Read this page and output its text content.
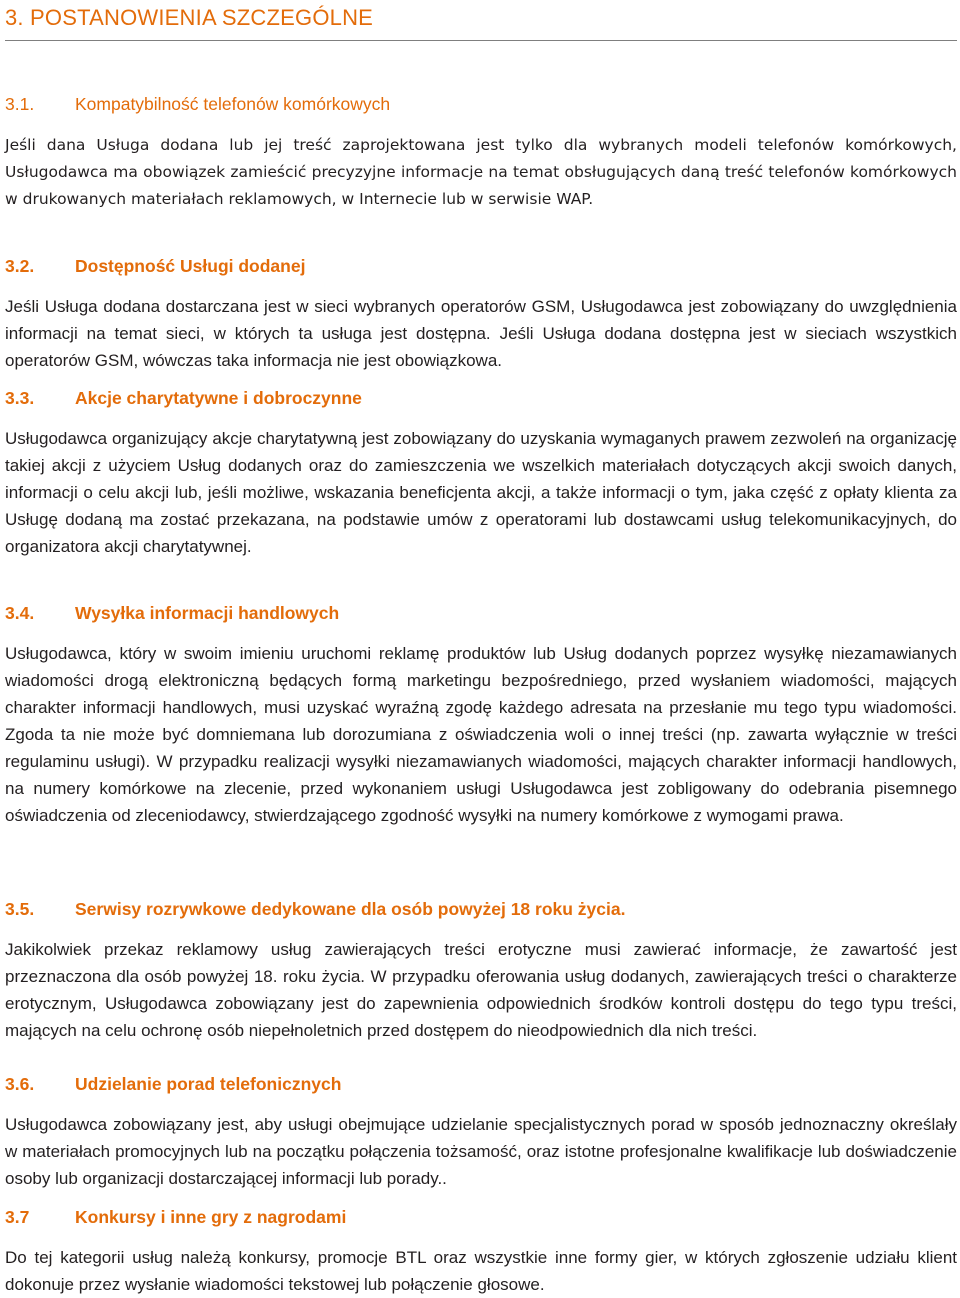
3. POSTANOWIENIA SZCZEGÓLNE
3.1. Kompatybilność telefonów komórkowych
Jeśli dana Usługa dodana lub jej treść zaprojektowana jest tylko dla wybranych modeli telefonów komórkowych, Usługodawca ma obowiązek zamieścić precyzyjne informacje na temat obsługujących daną treść telefonów komórkowych w drukowanych materiałach reklamowych, w Internecie lub w serwisie WAP.
3.2. Dostępność Usługi dodanej
Jeśli Usługa dodana dostarczana jest w sieci wybranych operatorów GSM, Usługodawca jest zobowiązany do uwzględnienia informacji na temat sieci, w których ta usługa jest dostępna. Jeśli Usługa dodana dostępna jest w sieciach wszystkich operatorów GSM, wówczas taka informacja nie jest obowiązkowa.
3.3. Akcje charytatywne i dobroczynne
Usługodawca organizujący akcje charytatywną jest zobowiązany do uzyskania wymaganych prawem zezwoleń na organizację takiej akcji z użyciem Usług dodanych oraz do zamieszczenia we wszelkich materiałach dotyczących akcji swoich danych, informacji o celu akcji lub, jeśli możliwe, wskazania beneficjenta akcji, a także informacji o tym, jaka część z opłaty klienta za Usługę dodaną ma zostać przekazana, na podstawie umów z operatorami lub dostawcami usług telekomunikacyjnych, do organizatora akcji charytatywnej.
3.4. Wysyłka informacji handlowych
Usługodawca, który w swoim imieniu uruchomi reklamę produktów lub Usług dodanych poprzez wysyłkę niezamawianych wiadomości drogą elektroniczną będących formą marketingu bezpośredniego, przed wysłaniem wiadomości, mających charakter informacji handlowych, musi uzyskać wyraźną zgodę każdego adresata na przesłanie mu tego typu wiadomości. Zgoda ta nie może być domniemana lub dorozumiana z oświadczenia woli o innej treści (np. zawarta wyłącznie w treści regulaminu usługi). W przypadku realizacji wysyłki niezamawianych wiadomości, mających charakter informacji handlowych, na numery komórkowe na zlecenie, przed wykonaniem usługi Usługodawca jest zobligowany do odebrania pisemnego oświadczenia od zleceniodawcy, stwierdzającego zgodność wysyłki na numery komórkowe z wymogami prawa.
3.5. Serwisy rozrywkowe dedykowane dla osób powyżej 18 roku życia.
Jakikolwiek przekaz reklamowy usług zawierających treści erotyczne musi zawierać informacje, że zawartość jest przeznaczona dla osób powyżej 18. roku życia. W przypadku oferowania usług dodanych, zawierających treści o charakterze erotycznym, Usługodawca zobowiązany jest do zapewnienia odpowiednich środków kontroli dostępu do tego typu treści, mających na celu ochronę osób niepełnoletnich przed dostępem do nieodpowiednich dla nich treści.
3.6. Udzielanie porad telefonicznych
Usługodawca zobowiązany jest, aby usługi obejmujące udzielanie specjalistycznych porad w sposób jednoznaczny określały w materiałach promocyjnych lub na początku połączenia tożsamość, oraz istotne profesjonalne kwalifikacje lub doświadczenie osoby lub organizacji dostarczającej informacji lub porady..
3.7	Konkursy i inne gry z nagrodami
Do tej kategorii usług należą konkursy, promocje BTL oraz wszystkie inne formy gier, w których zgłoszenie udziału klient dokonuje przez wysłanie wiadomości tekstowej lub połączenie głosowe.
